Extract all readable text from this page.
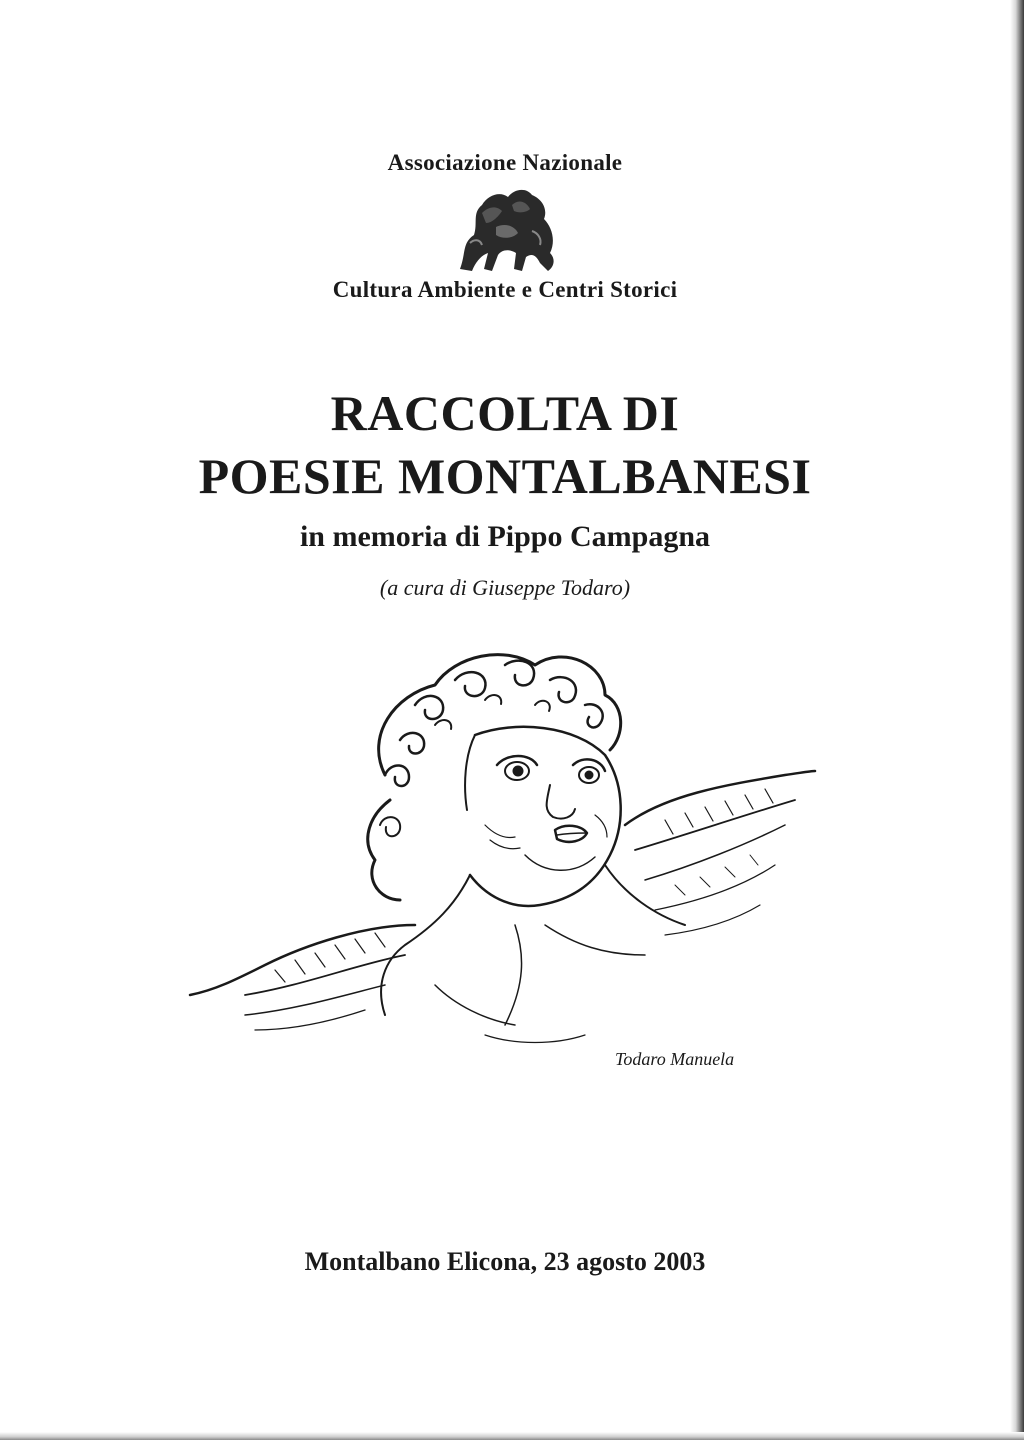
Associazione Nazionale
Cultura Ambiente e Centri Storici
RACCOLTA DI
POESIE MONTALBANESI
in memoria di Pippo Campagna
(a cura di Giuseppe Todaro)
Todaro Manuela
Montalbano Elicona, 23 agosto 2003
